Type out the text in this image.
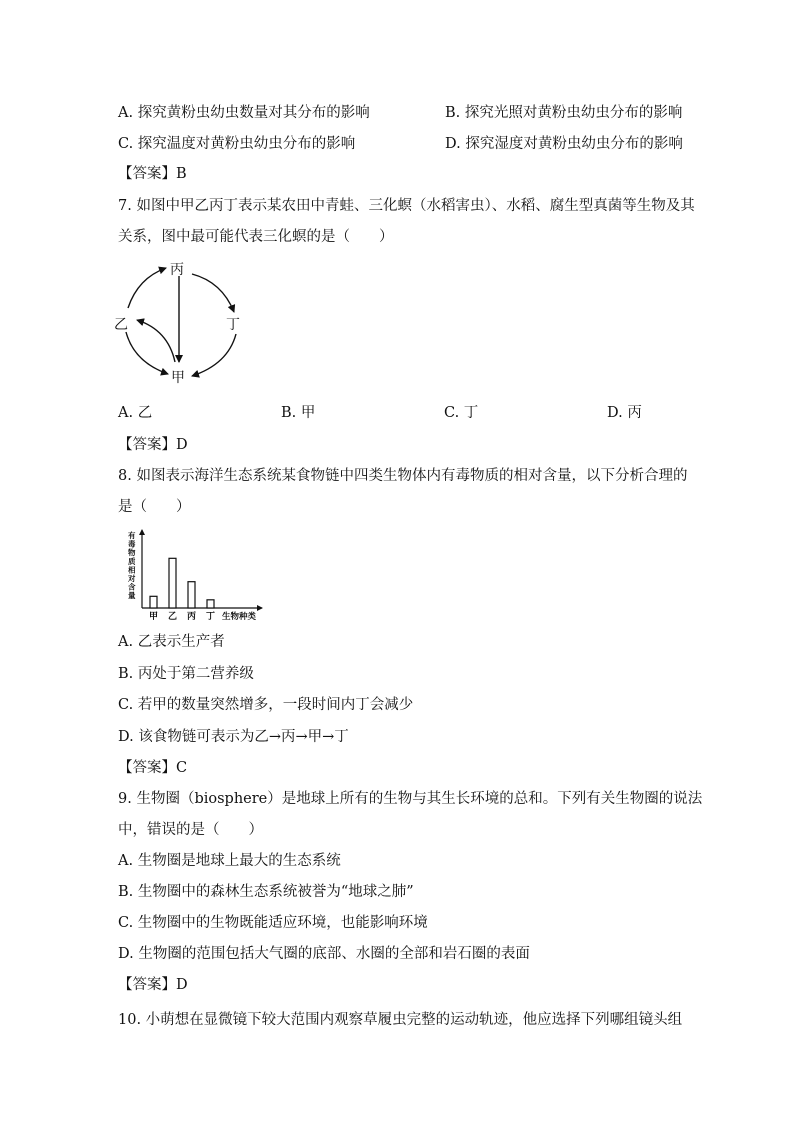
A. 探究黄粉虫幼虫数量对其分布的影响	B. 探究光照对黄粉虫幼虫分布的影响
C. 探究温度对黄粉虫幼虫分布的影响	D. 探究湿度对黄粉虫幼虫分布的影响
【答案】B
7. 如图中甲乙丙丁表示某农田中青蛙、三化螟（水稻害虫）、水稻、腐生型真菌等生物及其
关系，图中最可能代表三化螟的是（　　）
丙
乙	丁
甲
A. 乙	B. 甲	C. 丁	D. 丙
【答案】D
8. 如图表示海洋生态系统某食物链中四类生物体内有毒物质的相对含量，以下分析合理的
是（　　）
有毒物质相对含量
甲 乙 丙 丁 生物种类
A. 乙表示生产者
B. 丙处于第二营养级
C. 若甲的数量突然增多，一段时间内丁会减少
D. 该食物链可表示为乙→丙→甲→丁
【答案】C
9. 生物圈（biosphere）是地球上所有的生物与其生长环境的总和。下列有关生物圈的说法
中，错误的是（　　）
A. 生物圈是地球上最大的生态系统
B. 生物圈中的森林生态系统被誉为“地球之肺”
C. 生物圈中的生物既能适应环境，也能影响环境
D. 生物圈的范围包括大气圈的底部、水圈的全部和岩石圈的表面
【答案】D
10. 小萌想在显微镜下较大范围内观察草履虫完整的运动轨迹，他应选择下列哪组镜头组
